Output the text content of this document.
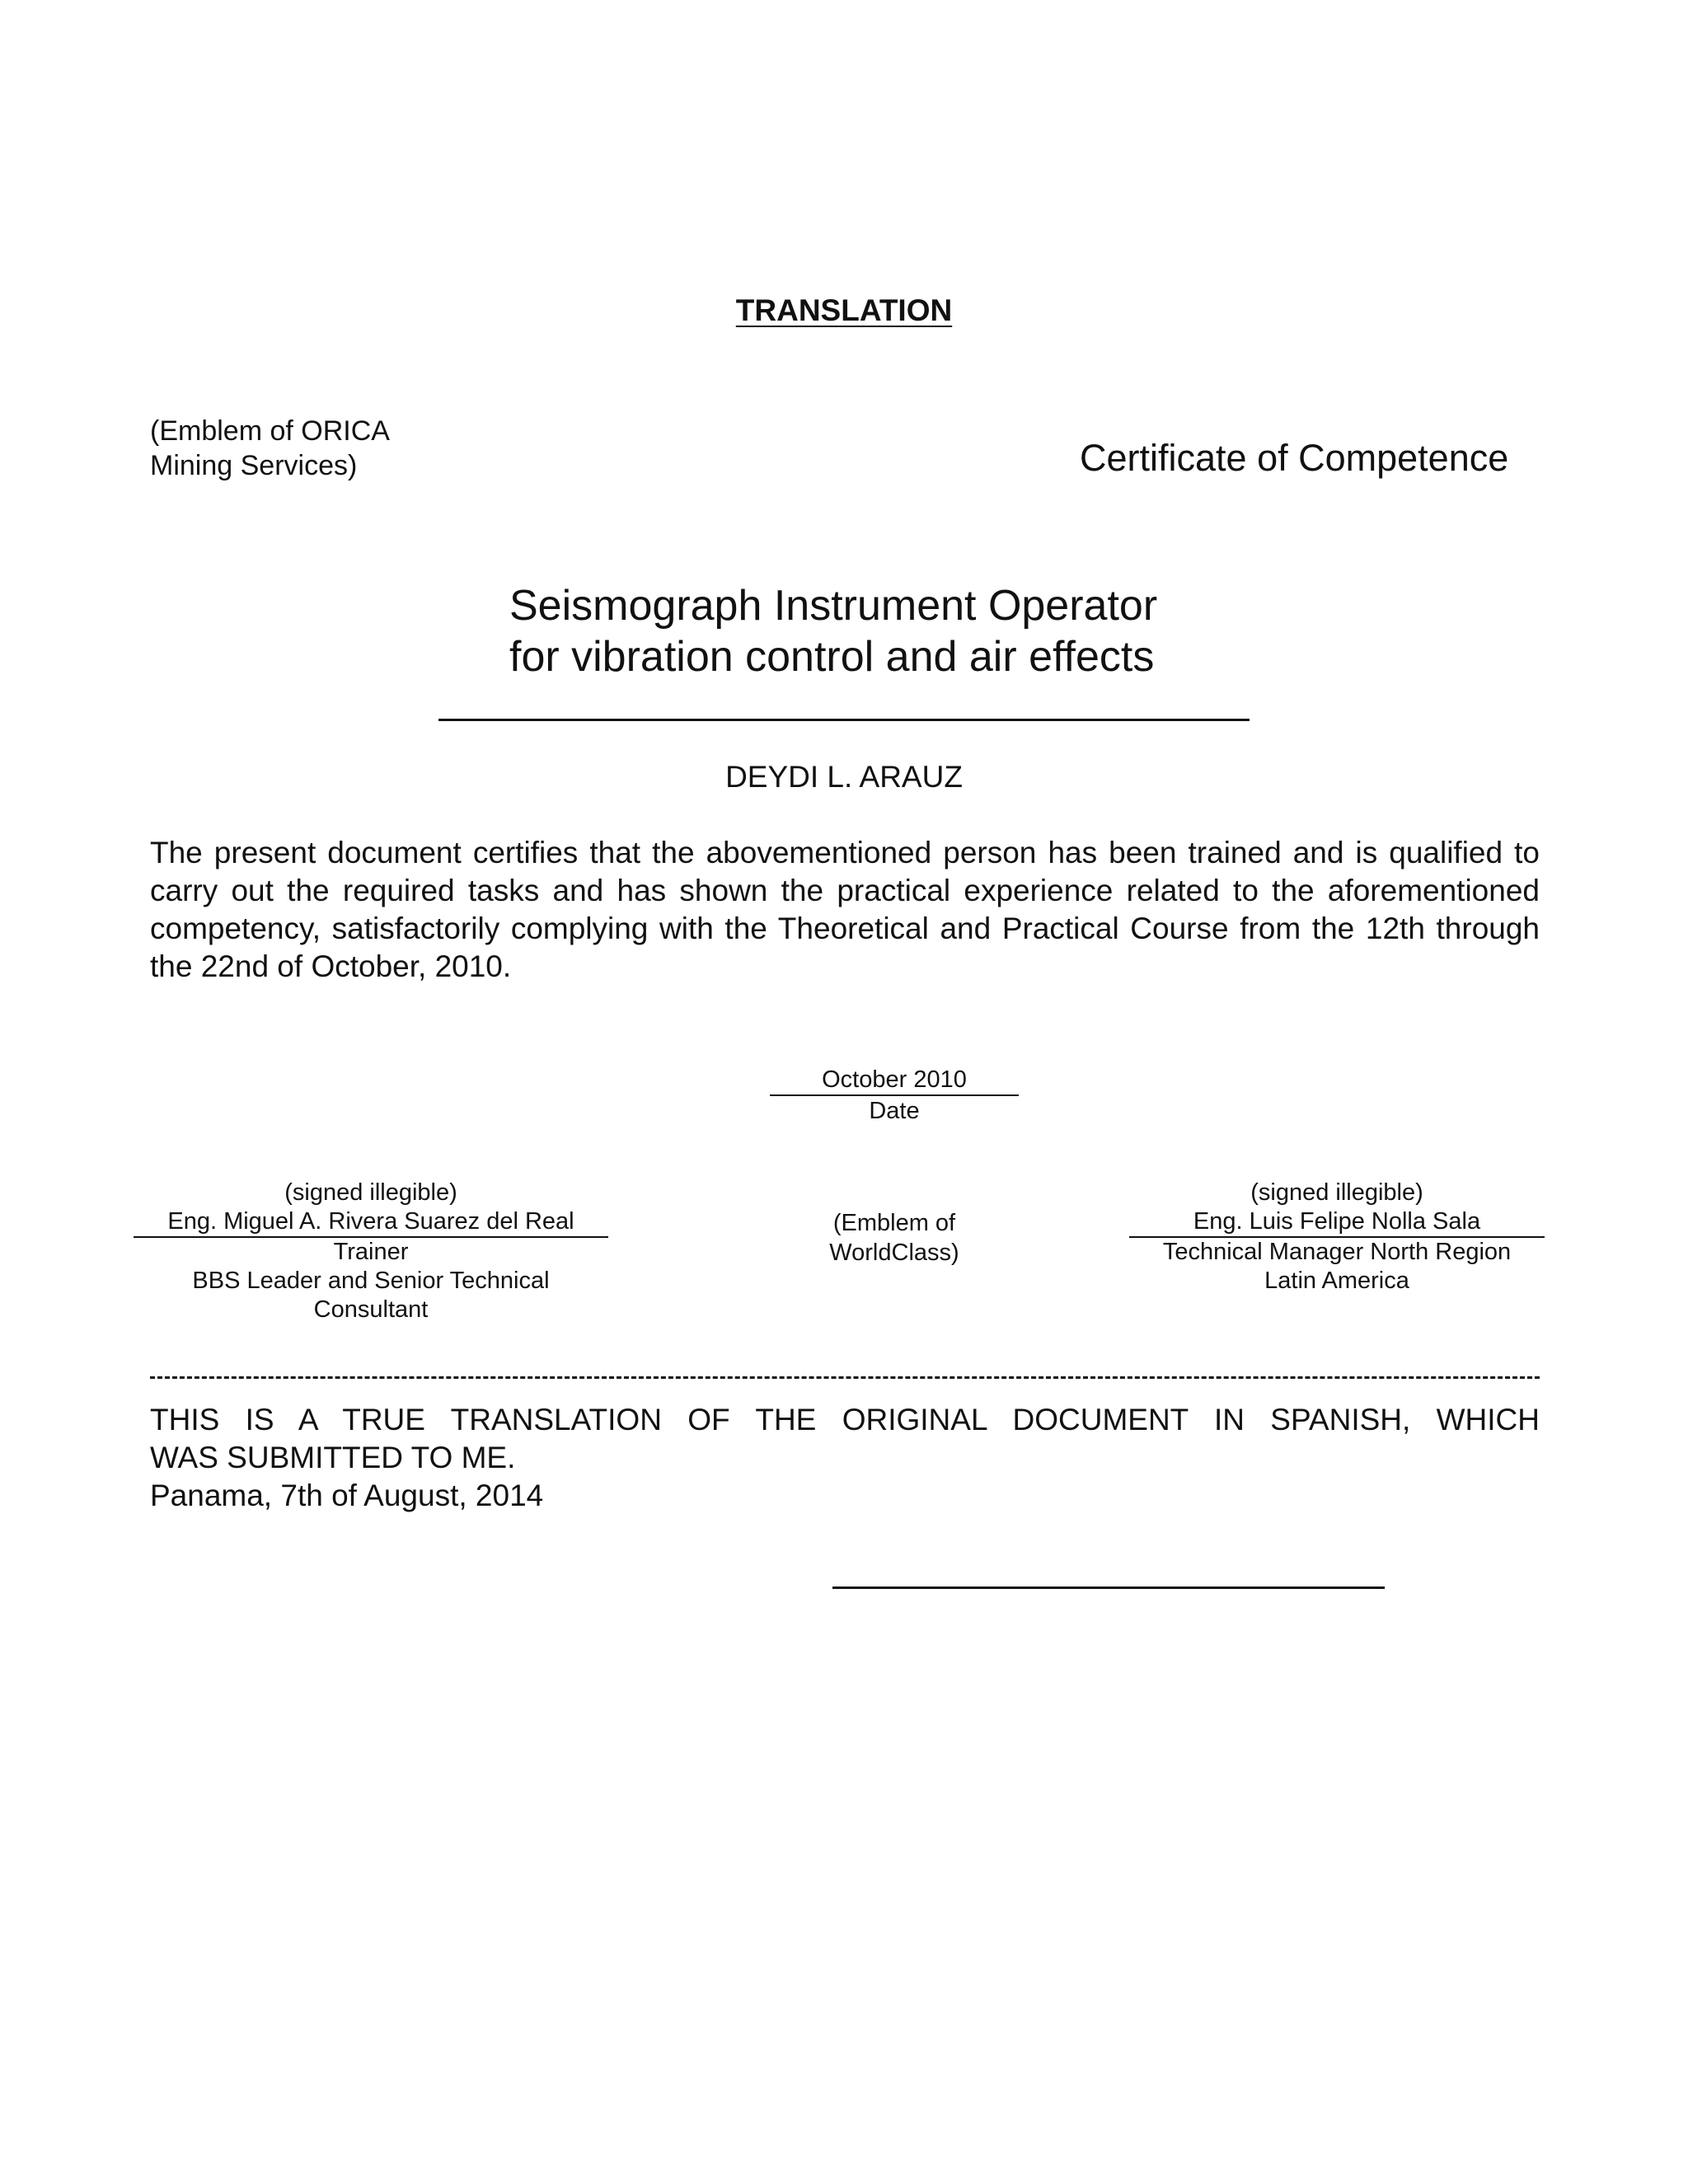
TRANSLATION
(Emblem of ORICA
Mining Services)	Certificate of Competence
Seismograph Instrument Operator
for vibration control and air effects
DEYDI L. ARAUZ
The present document certifies that the abovementioned person has been trained and is qualified to carry out the required tasks and has shown the practical experience related to the aforementioned competency, satisfactorily complying with the Theoretical and Practical Course from the 12th through the 22nd of October, 2010.
October 2010
Date
(signed illegible)
Eng. Miguel A. Rivera Suarez del Real
Trainer
BBS Leader and Senior Technical
Consultant
(Emblem of
WorldClass)
(signed illegible)
Eng. Luis Felipe Nolla Sala
Technical Manager North Region
Latin America
THIS IS A TRUE TRANSLATION OF THE ORIGINAL DOCUMENT IN SPANISH, WHICH
WAS SUBMITTED TO ME.
Panama, 7th of August, 2014
